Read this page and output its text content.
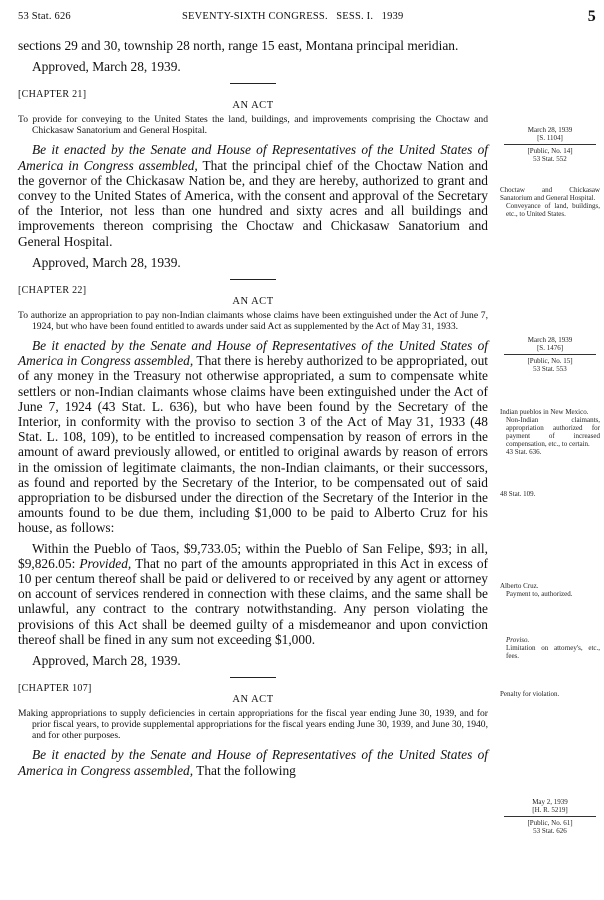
53 Stat. 626	SEVENTY-SIXTH CONGRESS.   SESS. I.   1939	5

sections 29 and 30, township 28 north, range 15 east, Montana principal meridian.

Approved, March 28, 1939.

[CHAPTER 21]
AN ACT
To provide for conveying to the United States the land, buildings, and improvements comprising the Choctaw and Chickasaw Sanatorium and General Hospital.

Be it enacted by the Senate and House of Representatives of the United States of America in Congress assembled, That the principal chief of the Choctaw Nation and the governor of the Chickasaw Nation be, and they are hereby, authorized to grant and convey to the United States of America, with the consent and approval of the Secretary of the Interior, not less than one hundred and sixty acres and all buildings and improvements thereon comprising the Choctaw and Chickasaw Sanatorium and General Hospital.

Approved, March 28, 1939.

[CHAPTER 22]
AN ACT
To authorize an appropriation to pay non-Indian claimants whose claims have been extinguished under the Act of June 7, 1924, but who have been found entitled to awards under said Act as supplemented by the Act of May 31, 1933.

Be it enacted by the Senate and House of Representatives of the United States of America in Congress assembled, That there is hereby authorized to be appropriated, out of any money in the Treasury not otherwise appropriated, a sum to compensate white settlers or non-Indian claimants whose claims have been extinguished under the Act of June 7, 1924 (43 Stat. L. 636), but who have been found by the Secretary of the Interior, in conformity with the proviso to section 3 of the Act of May 31, 1933 (48 Stat. L. 108, 109), to be entitled to increased compensation by reason of errors in the amount of award previously allowed, or entitled to original awards by reason of errors in the omission of legitimate claimants, the non-Indian claimants, or their successors, as found and reported by the Secretary of the Interior, to be compensated out of said appropriation to be disbursed under the direction of the Secretary of the Interior in the amounts found to be due them, including $1,000 to be paid to Alberto Cruz for his house, as follows:

Within the Pueblo of Taos, $9,733.05; within the Pueblo of San Felipe, $93; in all, $9,826.05: Provided, That no part of the amounts appropriated in this Act in excess of 10 per centum thereof shall be paid or delivered to or received by any agent or attorney on account of services rendered in connection with these claims, and the same shall be unlawful, any contract to the contrary notwithstanding. Any person violating the provisions of this Act shall be deemed guilty of a misdemeanor and upon conviction thereof shall be fined in any sum not exceeding $1,000.

Approved, March 28, 1939.

[CHAPTER 107]
AN ACT
Making appropriations to supply deficiencies in certain appropriations for the fiscal year ending June 30, 1939, and for prior fiscal years, to provide supplemental appropriations for the fiscal years ending June 30, 1939, and June 30, 1940, and for other purposes.

Be it enacted by the Senate and House of Representatives of the United States of America in Congress assembled, That the following

March 28, 1939
[S. 1104]
[Public, No. 14]
53 Stat. 552
Choctaw and Chickasaw Sanatorium and General Hospital.
Conveyance of land, buildings, etc., to United States.
March 28, 1939
[S. 1476]
[Public, No. 15]
53 Stat. 553
Indian pueblos in New Mexico.
Non-Indian claimants, appropriation authorized for payment of increased compensation, etc., to certain.
43 Stat. 636.
48 Stat. 109.
Alberto Cruz.
Payment to, authorized.
Proviso.
Limitation on attorney's, etc., fees.
Penalty for violation.
May 2, 1939
[H. R. 5219]
[Public, No. 61]
53 Stat. 626
